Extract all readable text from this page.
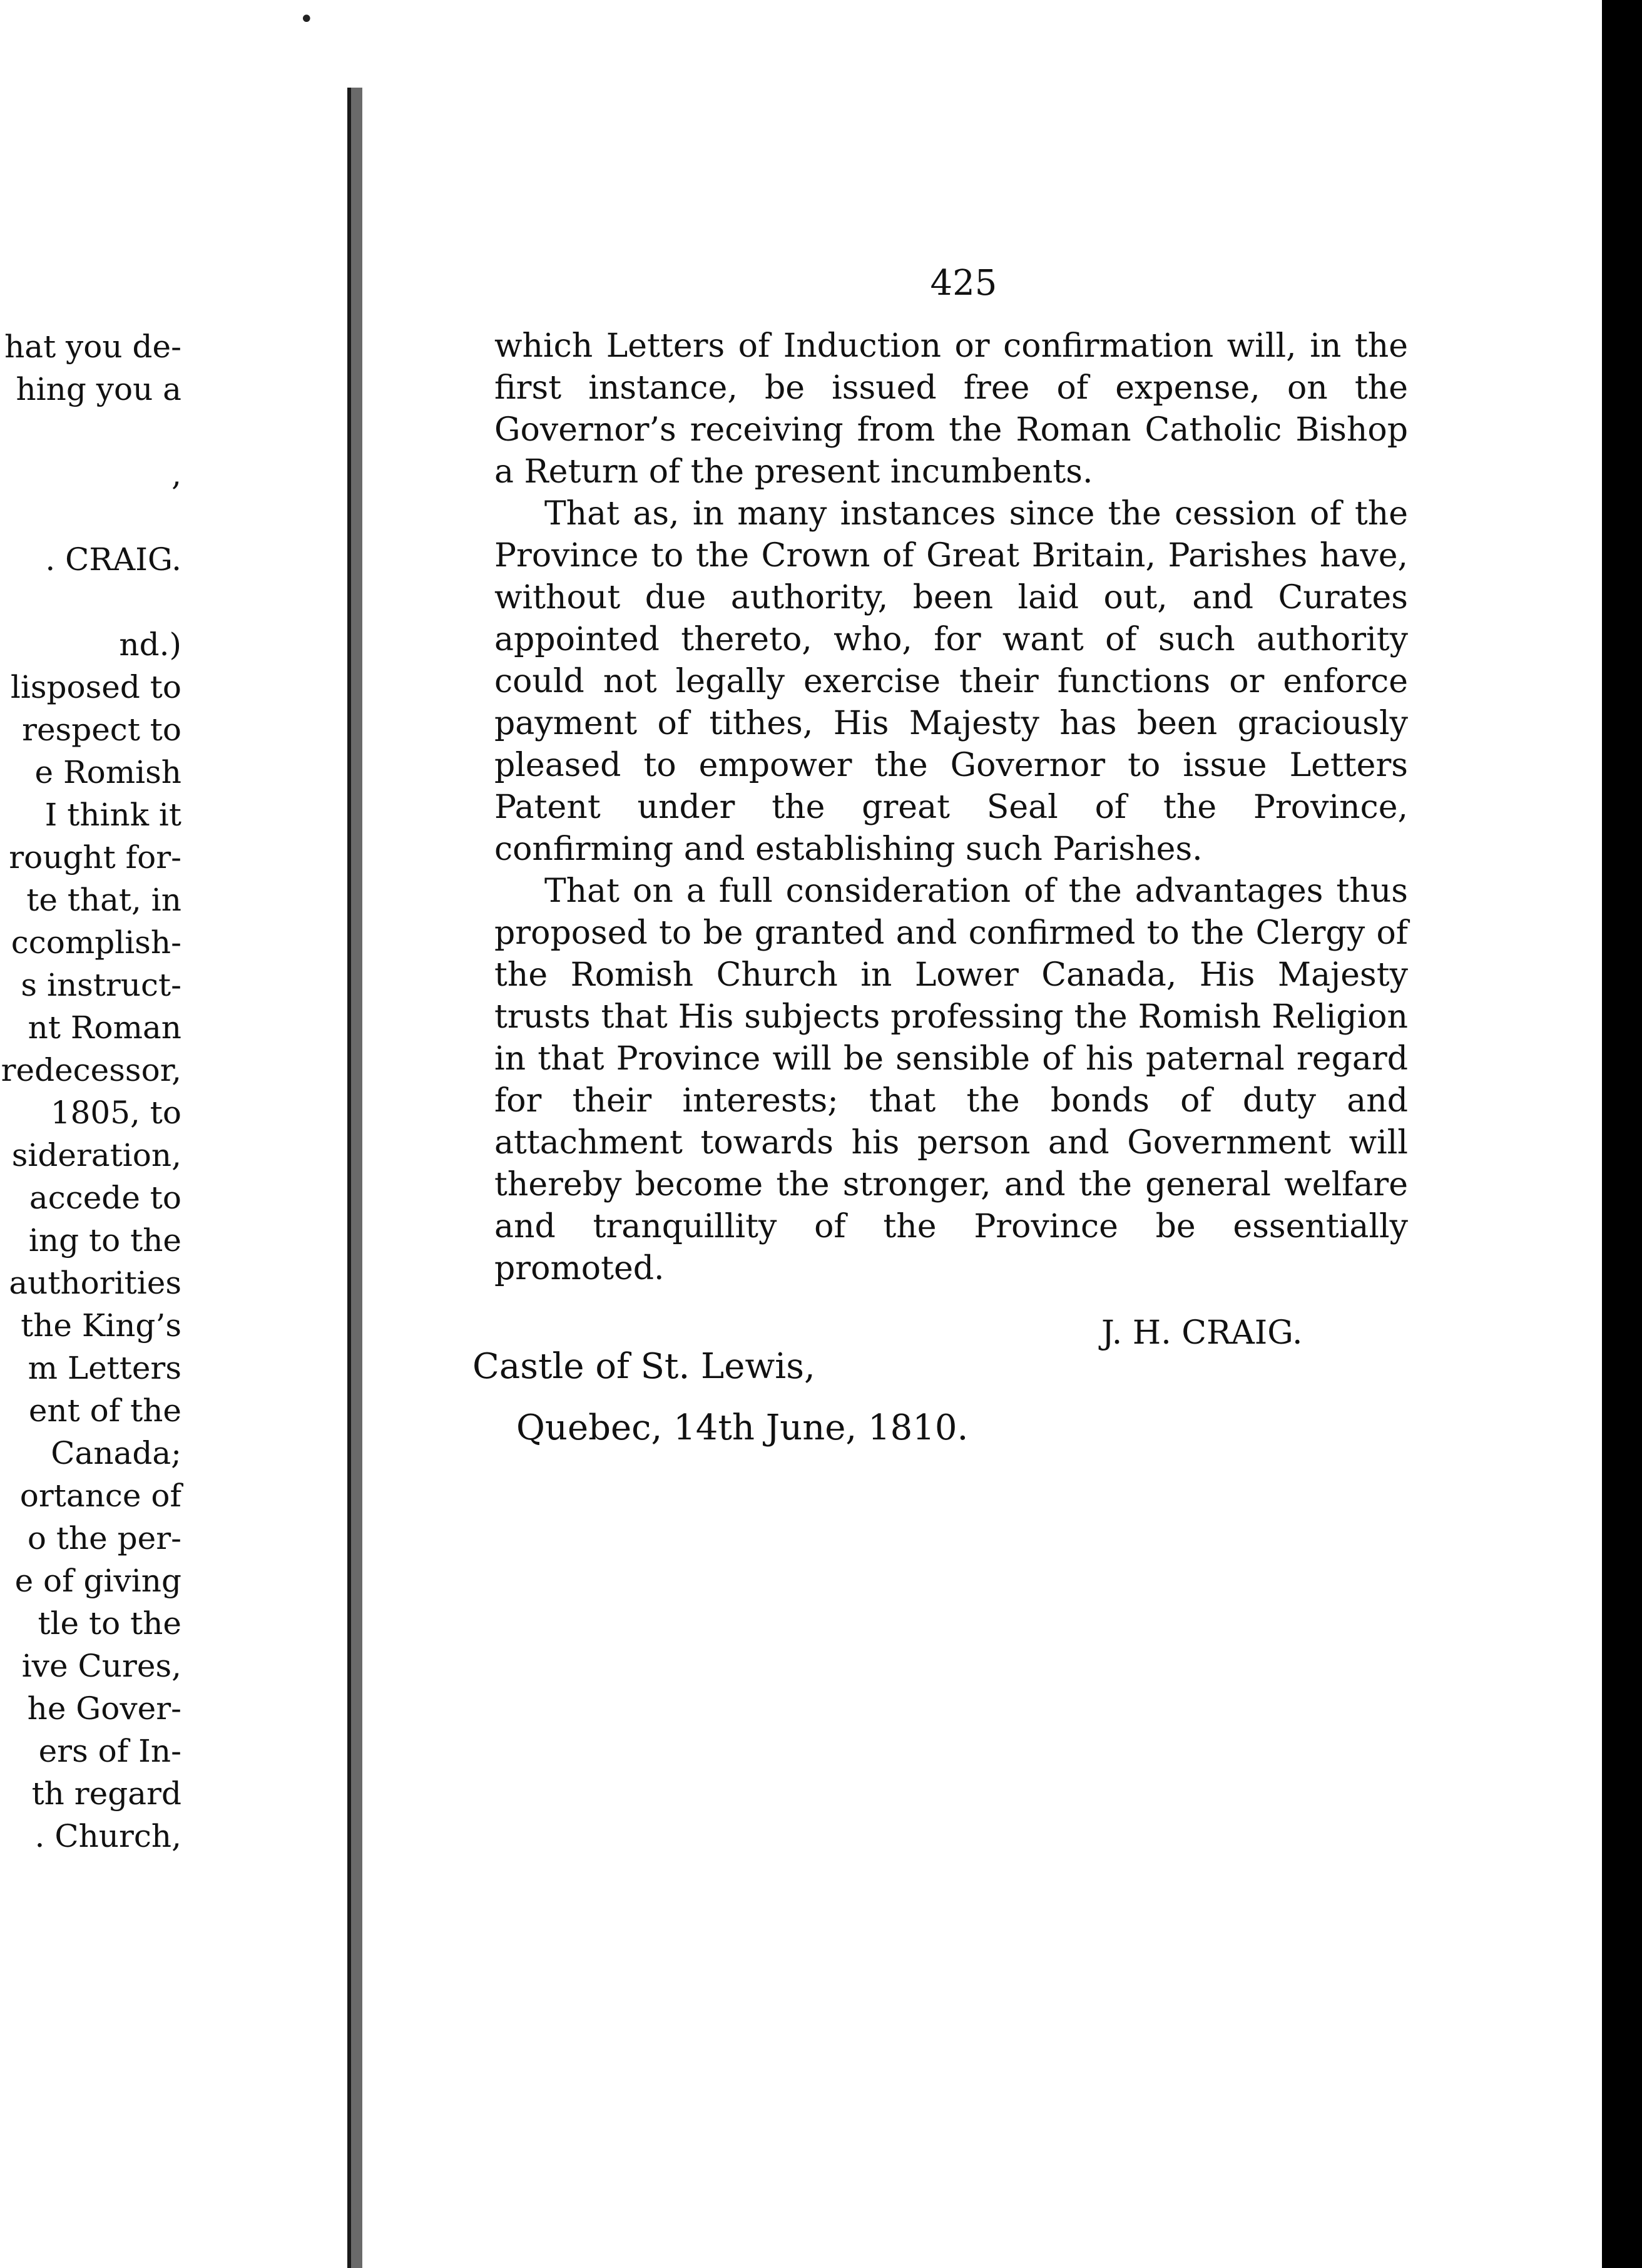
•
hat you de-
hing you a
,
. CRAIG.
nd.)
lisposed to
respect to
e Romish
I think it
rought for-
te that, in
ccomplish-
s instruct-
nt Roman
redecessor,
1805, to
sideration,
accede to
ing to the
authorities
the King’s
m Letters
ent of the
Canada;
ortance of
o the per-
e of giving
tle to the
ive Cures,
he Gover-
ers of In-
th regard
. Church,

425

which Letters of Induction or confirmation will, in the first instance, be issued free of expense, on the Governor’s receiving from the Roman Catholic Bishop a Return of the present incumbents.

That as, in many instances since the cession of the Province to the Crown of Great Britain, Parishes have, without due authority, been laid out, and Curates appointed thereto, who, for want of such authority could not legally exercise their functions or enforce payment of tithes, His Majesty has been graciously pleased to empower the Governor to issue Letters Patent under the great Seal of the Province, confirming and establishing such Parishes.

That on a full consideration of the advantages thus proposed to be granted and confirmed to the Clergy of the Romish Church in Lower Canada, His Majesty trusts that His subjects professing the Romish Religion in that Province will be sensible of his paternal regard for their interests; that the bonds of duty and attachment towards his person and Government will thereby become the stronger, and the general welfare and tranquillity of the Province be essentially promoted.

J. H. CRAIG.

Castle of St. Lewis,
Quebec, 14th June, 1810.
